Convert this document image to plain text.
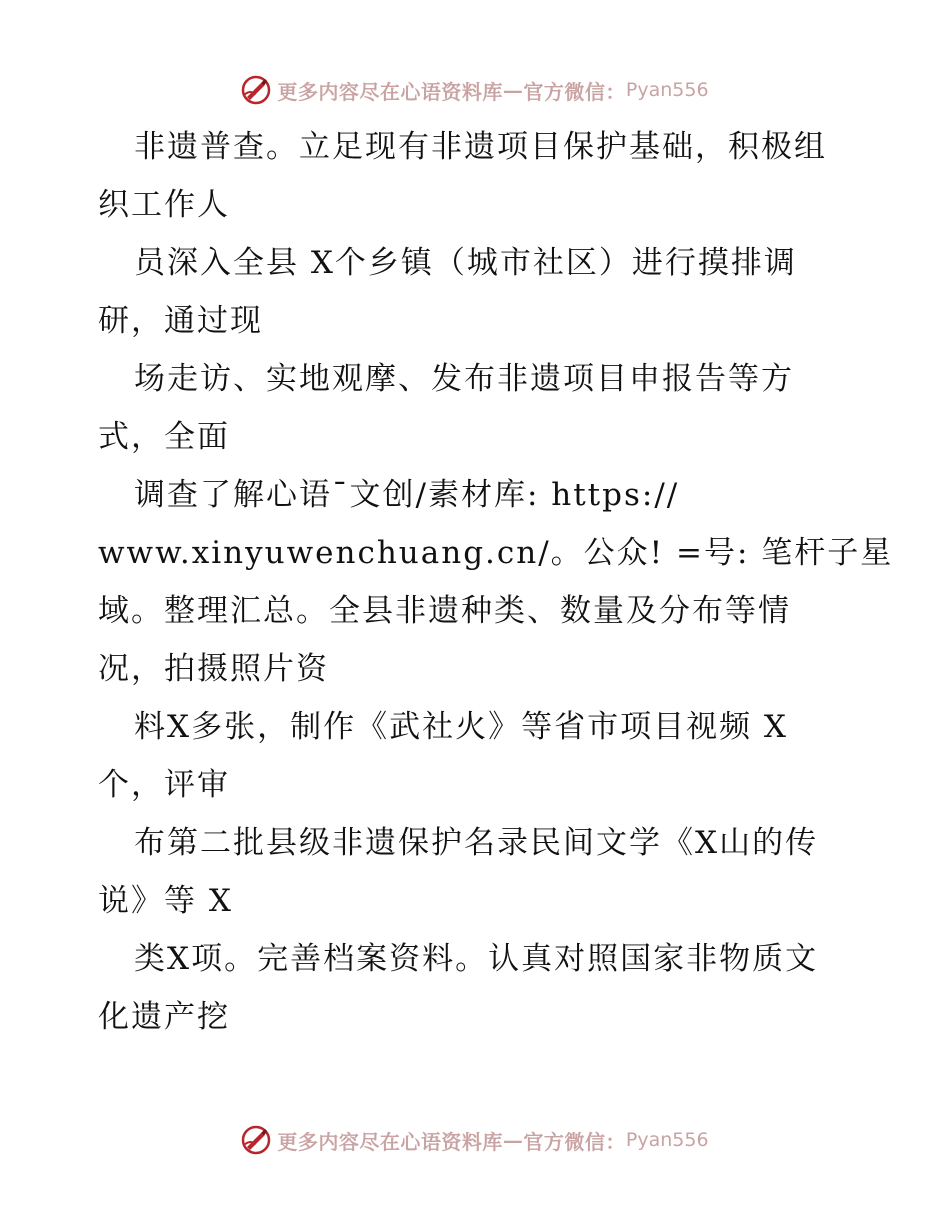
更多内容尽在心语资料库 — 官方微信： Pyan556
非遗普查。立足现有非遗项目保护基础，积极组
织工作人
员深入全县 X个乡镇（城市社区）进行摸排调
研，通过现
场走访、实地观摩、发布非遗项目申报告等方
式，全面
调查了解心语¯文创/素材库: https://
www.xinyuwenchuang.cn/。公众! =号: 笔杆子星
域。整理汇总。全县非遗种类、数量及分布等情
况，拍摄照片资
料X多张，制作《武社火》等省市项目视频 X
个，评审
布第二批县级非遗保护名录民间文学《X山的传
说》等 X
类X项。完善档案资料。认真对照国家非物质文
化遗产挖
更多内容尽在心语资料库 — 官方微信： Pyan556
